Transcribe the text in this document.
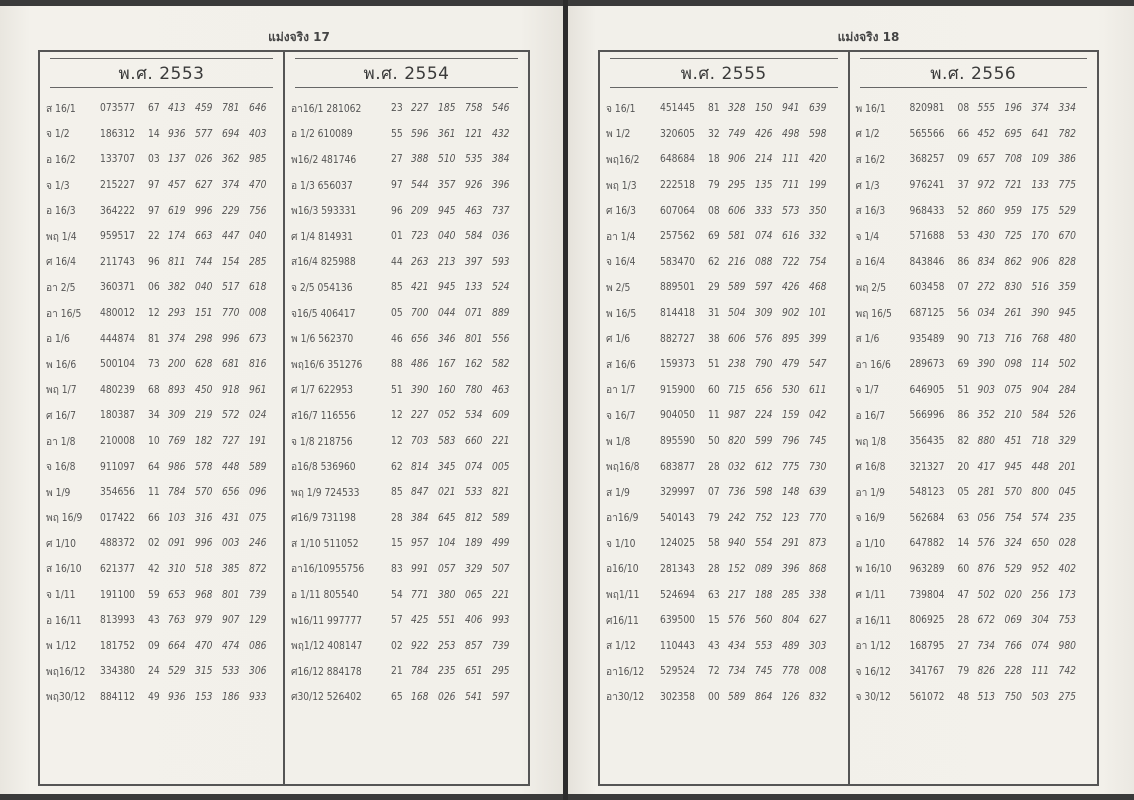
แม่งจริง 17
พ.ศ. 2553
ส 16/1	073577	67 413 459 781 646
จ 1/2	186312	14 936 577 694 403
อ 16/2	133707	03 137 026 362 985
จ 1/3	215227	97 457 627 374 470
อ 16/3	364222	97 619 996 229 756
พฤ 1/4	959517	22 174 663 447 040
ศ 16/4	211743	96 811 744 154 285
อา 2/5	360371	06 382 040 517 618
อา 16/5	480012	12 293 151 770 008
อ 1/6	444874	81 374 298 996 673
พ 16/6	500104	73 200 628 681 816
พฤ 1/7	480239	68 893 450 918 961
ศ 16/7	180387	34 309 219 572 024
อา 1/8	210008	10 769 182 727 191
จ 16/8	911097	64 986 578 448 589
พ 1/9	354656	11 784 570 656 096
พฤ 16/9	017422	66 103 316 431 075
ศ 1/10	488372	02 091 996 003 246
ส 16/10	621377	42 310 518 385 872
จ 1/11	191100	59 653 968 801 739
อ 16/11	813993	43 763 979 907 129
พ 1/12	181752	09 664 470 474 086
พฤ16/12	334380	24 529 315 533 306
พฤ30/12	884112	49 936 153 186 933
พ.ศ. 2554
อา16/1 281062	23 227 185 758 546
อ 1/2 610089	55 596 361 121 432
พ16/2 481746	27 388 510 535 384
อ 1/3 656037	97 544 357 926 396
พ16/3 593331	96 209 945 463 737
ศ 1/4 814931	01 723 040 584 036
ส16/4 825988	44 263 213 397 593
จ 2/5 054136	85 421 945 133 524
จ16/5 406417	05 700 044 071 889
พ 1/6 562370	46 656 346 801 556
พฤ16/6 351276	88 486 167 162 582
ศ 1/7 622953	51 390 160 780 463
ส16/7 116556	12 227 052 534 609
จ 1/8 218756	12 703 583 660 221
อ16/8 536960	62 814 345 074 005
พฤ 1/9 724533	85 847 021 533 821
ศ16/9 731198	28 384 645 812 589
ส 1/10 511052	15 957 104 189 499
อา16/10955756	83 991 057 329 507
อ 1/11 805540	54 771 380 065 221
พ16/11 997777	57 425 551 406 993
พฤ1/12 408147	02 922 253 857 739
ศ16/12 884178	21 784 235 651 295
ศ30/12 526402	65 168 026 541 597
แม่งจริง 18
พ.ศ. 2555
จ 16/1	451445	81 328 150 941 639
พ 1/2	320605	32 749 426 498 598
พฤ16/2	648684	18 906 214 111 420
พฤ 1/3	222518	79 295 135 711 199
ศ 16/3	607064	08 606 333 573 350
อา 1/4	257562	69 581 074 616 332
จ 16/4	583470	62 216 088 722 754
พ 2/5	889501	29 589 597 426 468
พ 16/5	814418	31 504 309 902 101
ศ 1/6	882727	38 606 576 895 399
ส 16/6	159373	51 238 790 479 547
อา 1/7	915900	60 715 656 530 611
จ 16/7	904050	11 987 224 159 042
พ 1/8	895590	50 820 599 796 745
พฤ16/8	683877	28 032 612 775 730
ส 1/9	329997	07 736 598 148 639
อา16/9	540143	79 242 752 123 770
จ 1/10	124025	58 940 554 291 873
อ16/10	281343	28 152 089 396 868
พฤ1/11	524694	63 217 188 285 338
ศ16/11	639500	15 576 560 804 627
ส 1/12	110443	43 434 553 489 303
อา16/12	529524	72 734 745 778 008
อา30/12	302358	00 589 864 126 832
พ.ศ. 2556
พ 16/1	820981	08 555 196 374 334
ศ 1/2	565566	66 452 695 641 782
ส 16/2	368257	09 657 708 109 386
ศ 1/3	976241	37 972 721 133 775
ส 16/3	968433	52 860 959 175 529
จ 1/4	571688	53 430 725 170 670
อ 16/4	843846	86 834 862 906 828
พฤ 2/5	603458	07 272 830 516 359
พฤ 16/5	687125	56 034 261 390 945
ส 1/6	935489	90 713 716 768 480
อา 16/6	289673	69 390 098 114 502
จ 1/7	646905	51 903 075 904 284
อ 16/7	566996	86 352 210 584 526
พฤ 1/8	356435	82 880 451 718 329
ศ 16/8	321327	20 417 945 448 201
อา 1/9	548123	05 281 570 800 045
จ 16/9	562684	63 056 754 574 235
อ 1/10	647882	14 576 324 650 028
พ 16/10	963289	60 876 529 952 402
ศ 1/11	739804	47 502 020 256 173
ส 16/11	806925	28 672 069 304 753
อา 1/12	168795	27 734 766 074 980
จ 16/12	341767	79 826 228 111 742
จ 30/12	561072	48 513 750 503 275
